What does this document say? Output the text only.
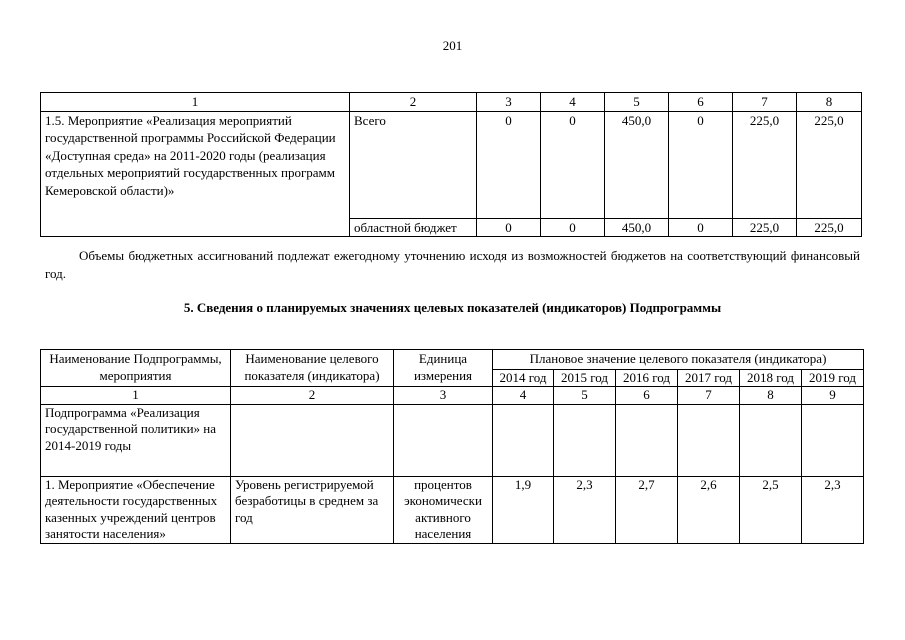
201
1	2	3	4	5	6	7	8
1.5. Мероприятие «Реализация мероприятий государственной программы Российской Федерации «Доступная среда» на 2011-2020 годы (реализация отдельных мероприятий государственных программ Кемеровской области)»	Всего	0	0	450,0	0	225,0	225,0
	областной бюджет	0	0	450,0	0	225,0	225,0
Объемы бюджетных ассигнований подлежат ежегодному уточнению исходя из возможностей бюджетов на соответствующий финансовый год.
5. Сведения о планируемых значениях целевых показателей (индикаторов) Подпрограммы
Наименование Подпрограммы, мероприятия	Наименование целевого показателя (индикатора)	Единица измерения	Плановое значение целевого показателя (индикатора)					
			2014 год	2015 год	2016 год	2017 год	2018 год	2019 год
1	2	3	4	5	6	7	8	9
Подпрограмма «Реализация государственной политики» на 2014-2019 годы								
1. Мероприятие «Обеспечение деятельности государственных казенных учреждений центров занятости населения»	Уровень регистрируемой безработицы в среднем за год	процентов экономически активного населения	1,9	2,3	2,7	2,6	2,5	2,3
